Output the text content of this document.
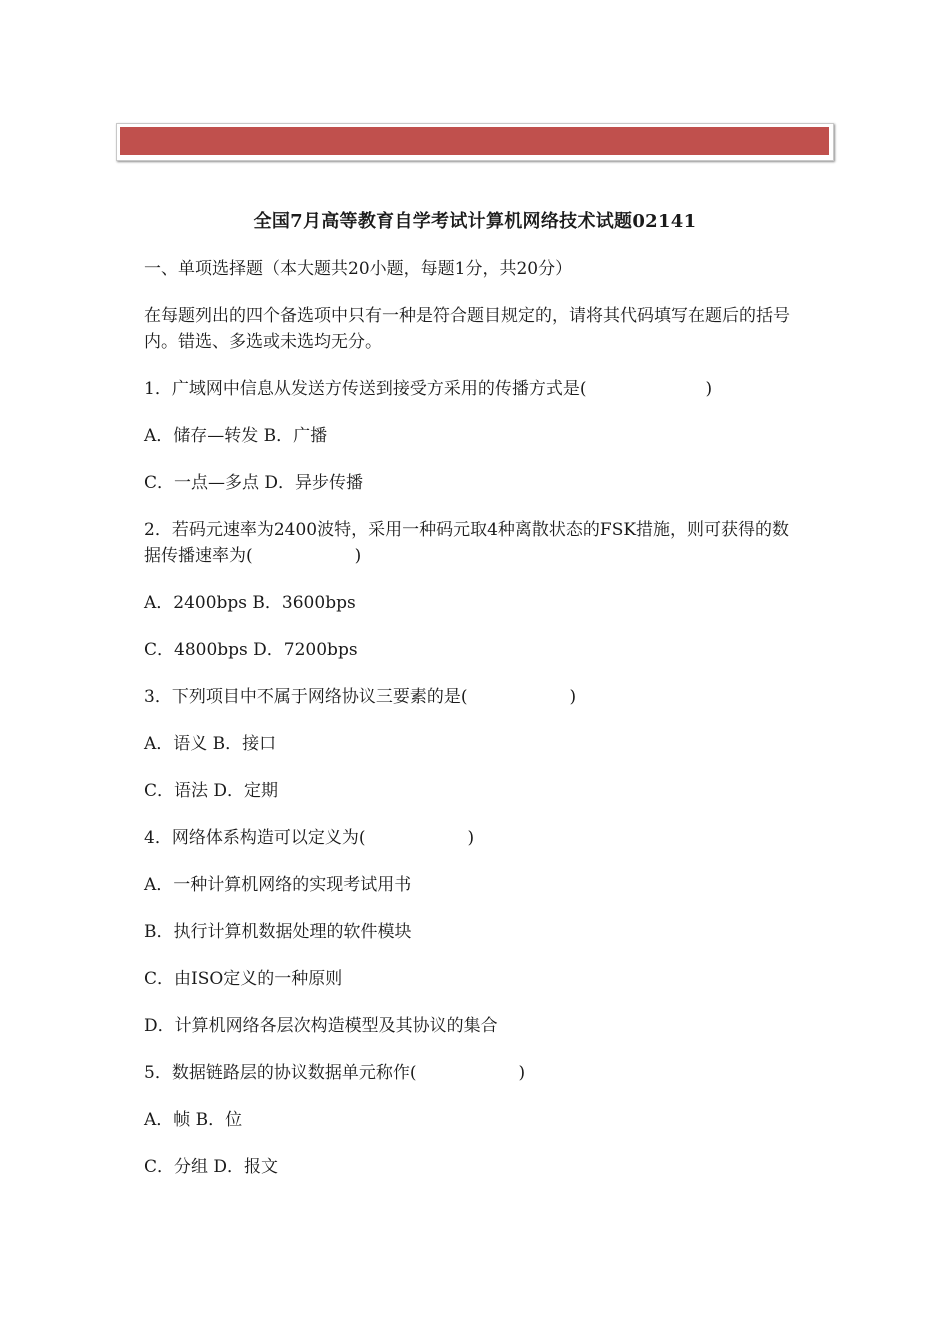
全国7月高等教育自学考试计算机网络技术试题02141

一、单项选择题（本大题共20小题，每题1分，共20分）

在每题列出的四个备选项中只有一种是符合题目规定的，请将其代码填写在题后的括号内。错选、多选或未选均无分。

1．广域网中信息从发送方传送到接受方采用的传播方式是(　　　　　　　)

A．储存—转发 B．广播

C．一点—多点 D．异步传播

2．若码元速率为2400波特，采用一种码元取4种离散状态的FSK措施，则可获得的数据传播速率为(　　　　　　)

A．2400bps B．3600bps

C．4800bps D．7200bps

3．下列项目中不属于网络协议三要素的是(　　　　　　)

A．语义 B．接口

C．语法 D．定期

4．网络体系构造可以定义为(　　　　　　)

A．一种计算机网络的实现考试用书

B．执行计算机数据处理的软件模块

C．由ISO定义的一种原则

D．计算机网络各层次构造模型及其协议的集合

5．数据链路层的协议数据单元称作(　　　　　　)

A．帧 B．位

C．分组 D．报文
